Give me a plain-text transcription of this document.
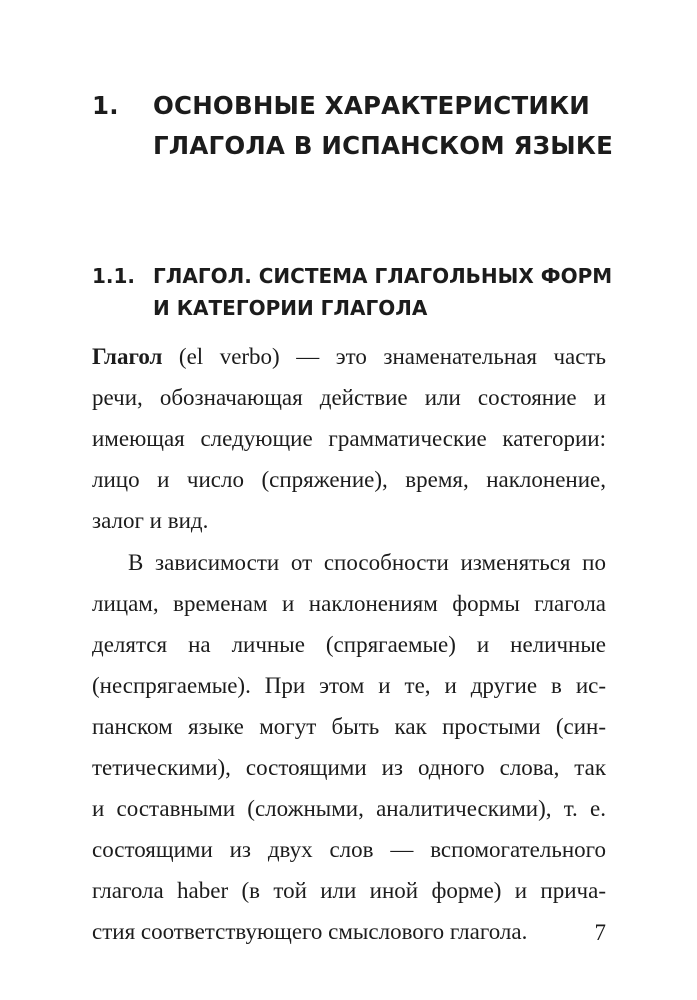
1. ОСНОВНЫЕ ХАРАКТЕРИСТИКИ
ГЛАГОЛА В ИСПАНСКОМ ЯЗЫКЕ
1.1. ГЛАГОЛ. СИСТЕМА ГЛАГОЛЬНЫХ ФОРМ
И КАТЕГОРИИ ГЛАГОЛА
Глагол (el verbo) — это знаменательная часть
речи, обозначающая действие или состояние и
имеющая следующие грамматические категории:
лицо и число (спряжение), время, наклонение,
залог и вид.
В зависимости от способности изменяться по
лицам, временам и наклонениям формы глагола
делятся на личные (спрягаемые) и неличные
(неспрягаемые). При этом и те, и другие в ис-
панском языке могут быть как простыми (син-
тетическими), состоящими из одного слова, так
и составными (сложными, аналитическими), т. е.
состоящими из двух слов — вспомогательного
глагола haber (в той или иной форме) и прича-
стия соответствующего смыслового глагола.	7
